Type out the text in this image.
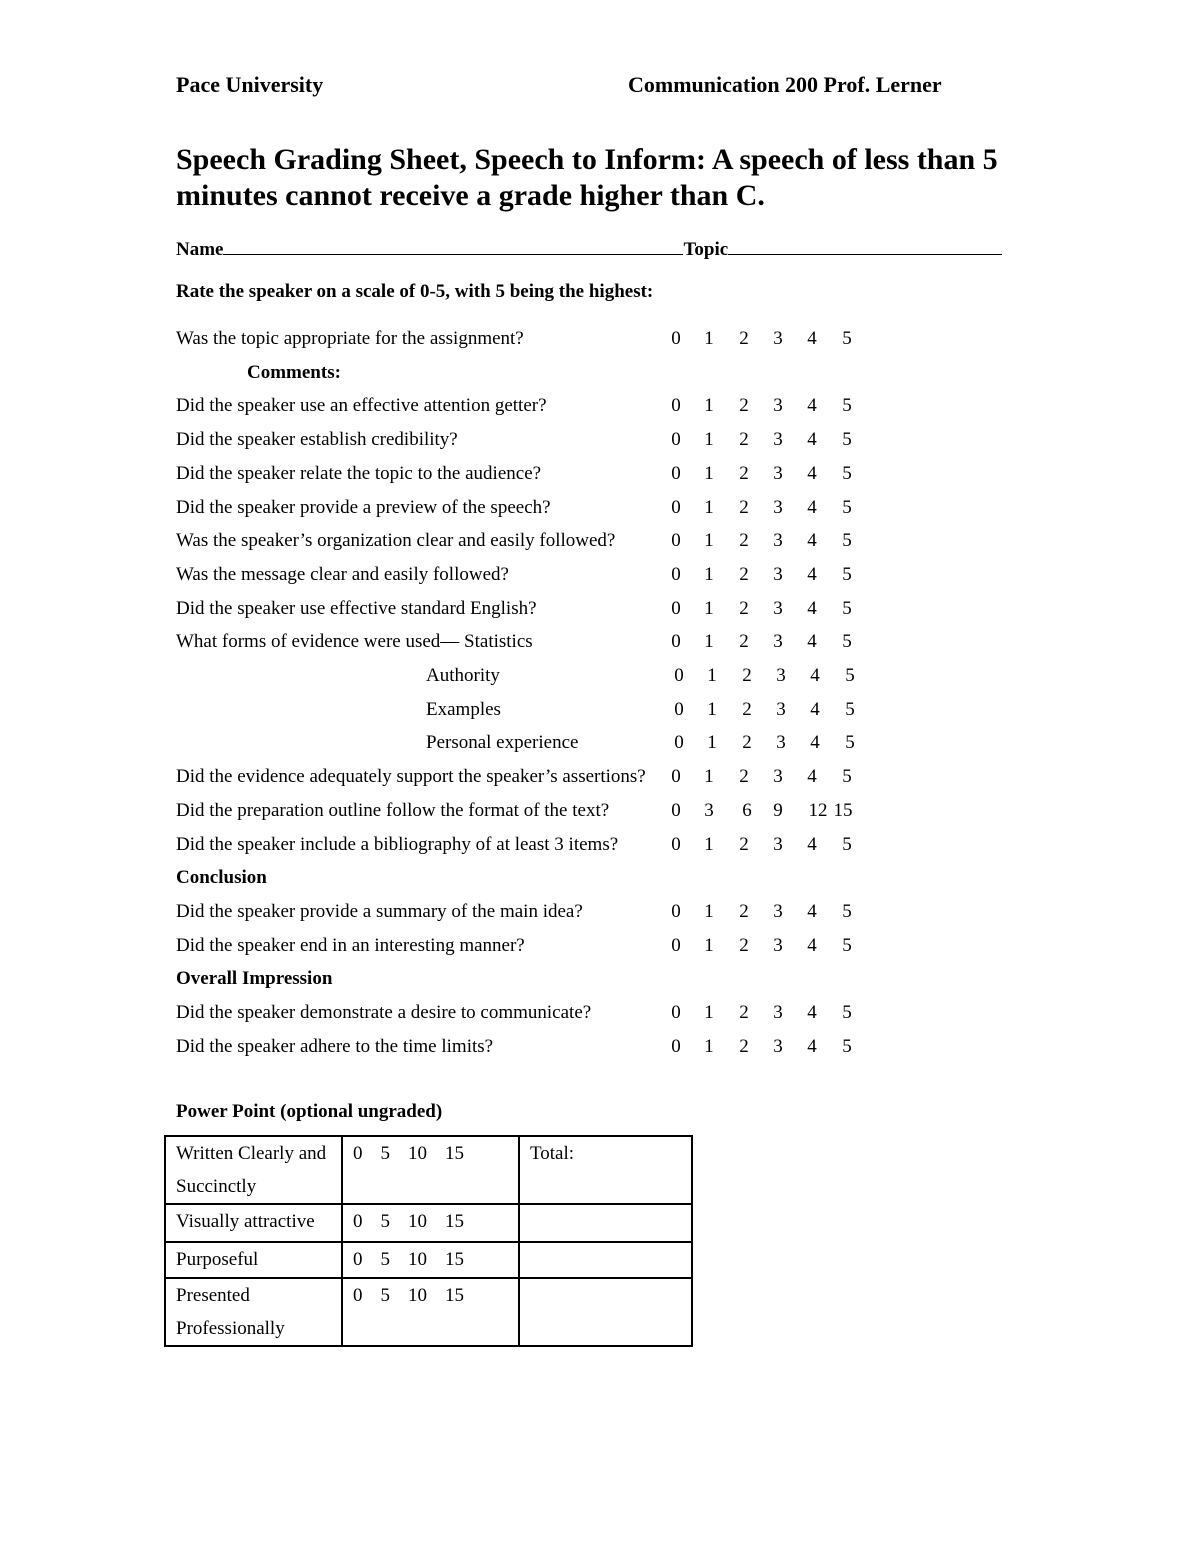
Pace University	Communication 200 Prof. Lerner
Speech Grading Sheet, Speech to Inform: A speech of less than 5 minutes cannot receive a grade higher than C.
Name	Topic
Rate the speaker on a scale of 0-5, with 5 being the highest:
Was the topic appropriate for the assignment?	0	1	2	3	4	5
Comments:
Did the speaker use an effective attention getter?	0	1	2	3	4	5
Did the speaker establish credibility?	0	1	2	3	4	5
Did the speaker relate the topic to the audience?	0	1	2	3	4	5
Did the speaker provide a preview of the speech?	0	1	2	3	4	5
Was the speaker’s organization clear and easily followed?	0	1	2	3	4	5
Was the message clear and easily followed?	0	1	2	3	4	5
Did the speaker use effective standard English?	0	1	2	3	4	5
What forms of evidence were used— Statistics	0	1	2	3	4	5
Authority	0	1	2	3	4	5
Examples	0	1	2	3	4	5
Personal experience	0	1	2	3	4	5
Did the evidence adequately support the speaker’s assertions?	0	1	2	3	4	5
Did the preparation outline follow the format of the text?	0	3	6	9	12 15
Did the speaker include a bibliography of at least 3 items?	0	1	2	3	4	5
Conclusion
Did the speaker provide a summary of the main idea?	0	1	2	3	4	5
Did the speaker end in an interesting manner?	0	1	2	3	4	5
Overall Impression
Did the speaker demonstrate a desire to communicate?	0	1	2	3	4	5
Did the speaker adhere to the time limits?	0	1	2	3	4	5
Power Point (optional ungraded)
Written Clearly and Succinctly	0 5 10 15	Total:
Visually attractive	0 5 10 15	
Purposeful	0 5 10 15	
Presented Professionally	0 5 10 15	
